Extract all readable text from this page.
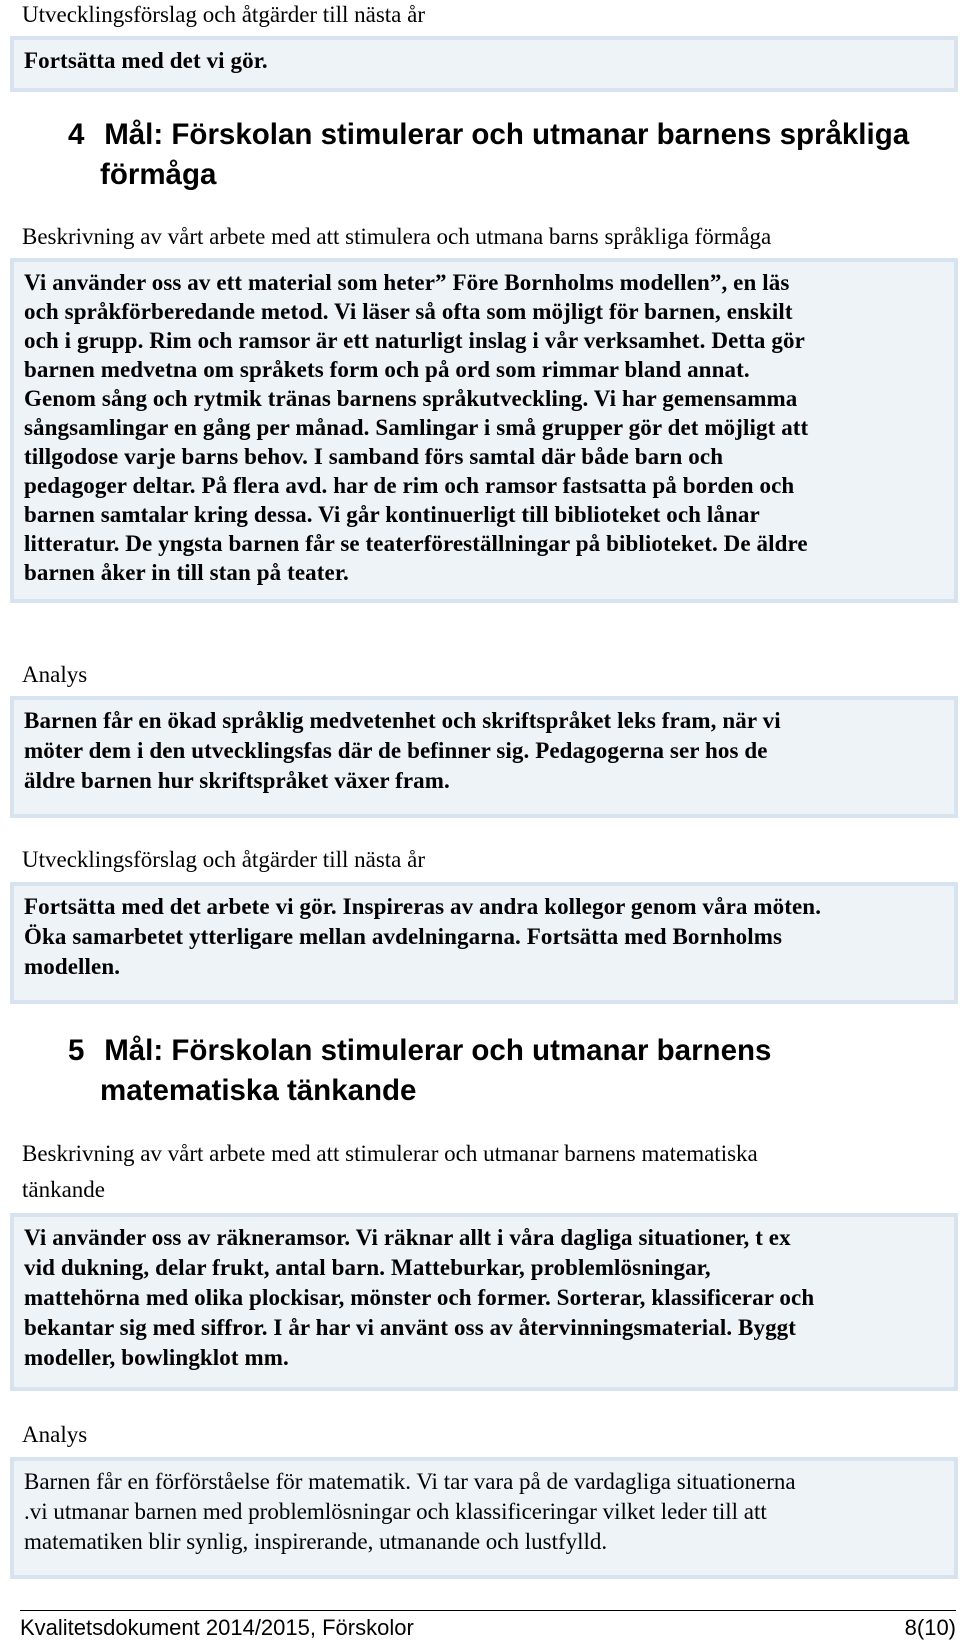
Utvecklingsförslag och åtgärder till nästa år

Fortsätta med det vi gör.

4 Mål: Förskolan stimulerar och utmanar barnens språkliga
förmåga
Beskrivning av vårt arbete med att stimulera och utmana barns språkliga förmåga

Vi använder oss av ett material som heter” Före Bornholms modellen”, en läs

och språkförberedande metod. Vi läser så ofta som möjligt för barnen, enskilt

och i grupp. Rim och ramsor är ett naturligt inslag i vår verksamhet. Detta gör

barnen medvetna om språkets form och på ord som rimmar bland annat.

Genom sång och rytmik tränas barnens språkutveckling. Vi har gemensamma

sångsamlingar en gång per månad. Samlingar i små grupper gör det möjligt att

tillgodose varje barns behov. I samband förs samtal där både barn och

pedagoger deltar. På flera avd. har de rim och ramsor fastsatta på borden och

barnen samtalar kring dessa. Vi går kontinuerligt till biblioteket och lånar

litteratur. De yngsta barnen får se teaterföreställningar på biblioteket. De äldre

barnen åker in till stan på teater.

Analys

Barnen får en ökad språklig medvetenhet och skriftspråket leks fram, när vi

möter dem i den utvecklingsfas där de befinner sig. Pedagogerna ser hos de

äldre barnen hur skriftspråket växer fram.

Utvecklingsförslag och åtgärder till nästa år

Fortsätta med det arbete vi gör. Inspireras av andra kollegor genom våra möten.

Öka samarbetet ytterligare mellan avdelningarna. Fortsätta med Bornholms

modellen.

5 Mål: Förskolan stimulerar och utmanar barnens
matematiska tänkande
Beskrivning av vårt arbete med att stimulerar och utmanar barnens matematiska
tänkande

Vi använder oss av räkneramsor. Vi räknar allt i våra dagliga situationer, t ex

vid dukning, delar frukt, antal barn. Matteburkar, problemlösningar,

mattehörna med olika plockisar, mönster och former. Sorterar, klassificerar och

bekantar sig med siffror. I år har vi använt oss av återvinningsmaterial. Byggt

modeller, bowlingklot mm.

Analys

Barnen får en förförståelse för matematik. Vi tar vara på de vardagliga situationerna

.vi utmanar barnen med problemlösningar och klassificeringar vilket leder till att

matematiken blir synlig, inspirerande, utmanande och lustfylld.

Kvalitetsdokument 2014/2015, Förskolor	8(10)
